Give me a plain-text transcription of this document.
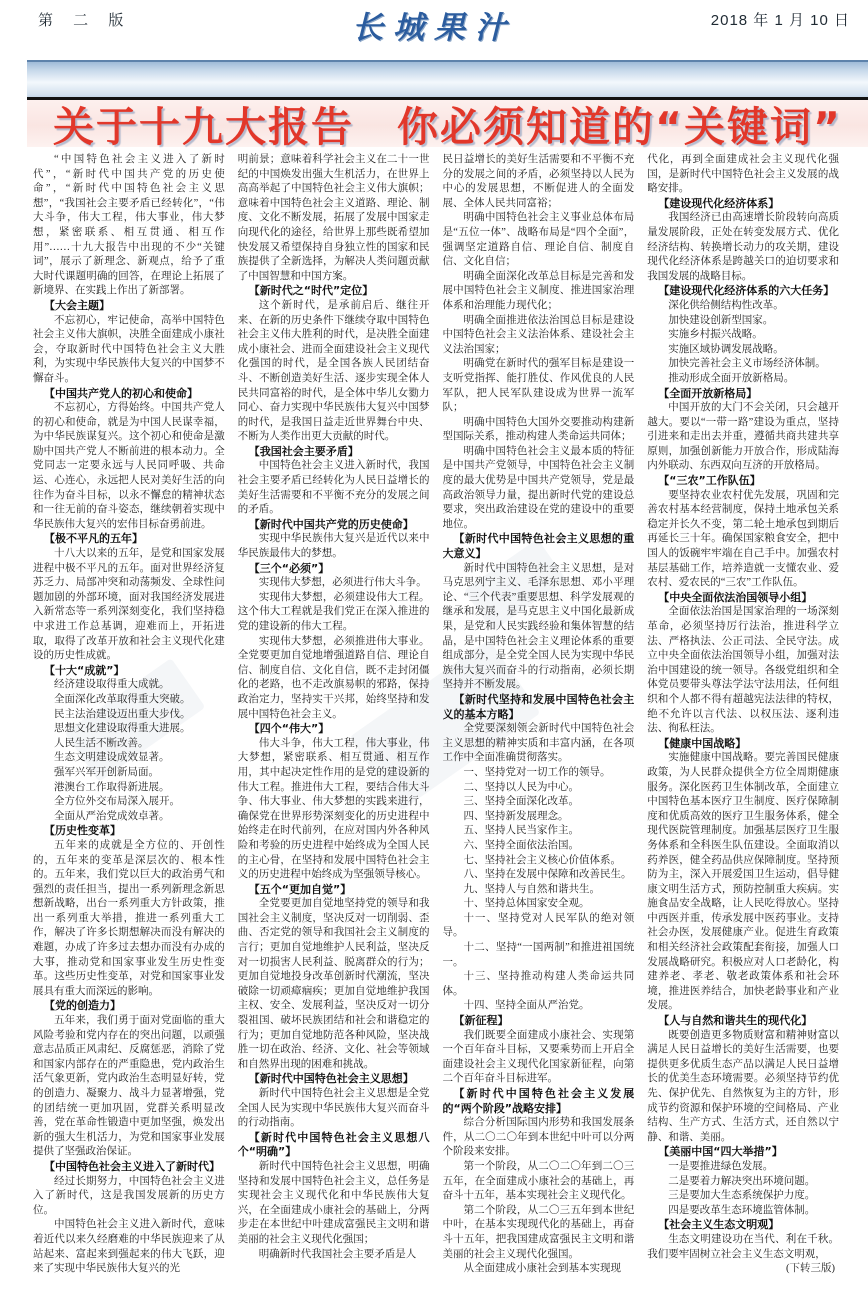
第 二 版	长城果汁	2018 年 1 月 10 日
关于十九大报告　你必须知道的“关键词”

“中国特色社会主义进入了新时代”，“新时代中国共产党的历史使命”，“新时代中国特色社会主义思想”，“我国社会主要矛盾已经转化”，“伟大斗争，伟大工程，伟大事业，伟大梦想，紧密联系、相互贯通、相互作用”……十九大报告中出现的不少“关键词”，展示了新理念、新观点，给予了重大时代课题明确的回答，在理论上拓展了新境界、在实践上作出了新部署。

【大会主题】

不忘初心，牢记使命，高举中国特色社会主义伟大旗帜，决胜全面建成小康社会，夺取新时代中国特色社会主义大胜利，为实现中华民族伟大复兴的中国梦不懈奋斗。

【中国共产党人的初心和使命】

不忘初心，方得始终。中国共产党人的初心和使命，就是为中国人民谋幸福，为中华民族谋复兴。这个初心和使命是激励中国共产党人不断前进的根本动力。全党同志一定要永远与人民同呼吸、共命运、心连心，永远把人民对美好生活的向往作为奋斗目标，以永不懈怠的精神状态和一往无前的奋斗姿态，继续朝着实现中华民族伟大复兴的宏伟目标奋勇前进。

【极不平凡的五年】

十八大以来的五年，是党和国家发展进程中极不平凡的五年。面对世界经济复苏乏力、局部冲突和动荡频发、全球性问题加剧的外部环境，面对我国经济发展进入新常态等一系列深刻变化，我们坚持稳中求进工作总基调，迎难而上，开拓进取，取得了改革开放和社会主义现代化建设的历史性成就。

【十大“成就”】

经济建设取得重大成就。

全面深化改革取得重大突破。

民主法治建设迈出重大步伐。

思想文化建设取得重大进展。

人民生活不断改善。

生态文明建设成效显著。

强军兴军开创新局面。

港澳台工作取得新进展。

全方位外交布局深入展开。

全面从严治党成效卓著。

【历史性变革】

五年来的成就是全方位的、开创性的，五年来的变革是深层次的、根本性的。五年来，我们党以巨大的政治勇气和强烈的责任担当，提出一系列新理念新思想新战略，出台一系列重大方针政策，推出一系列重大举措，推进一系列重大工作，解决了许多长期想解决而没有解决的难题，办成了许多过去想办而没有办成的大事，推动党和国家事业发生历史性变革。这些历史性变革，对党和国家事业发展具有重大而深远的影响。

【党的创造力】

五年来，我们勇于面对党面临的重大风险考验和党内存在的突出问题，以顽强意志品质正风肃纪、反腐惩恶，消除了党和国家内部存在的严重隐患，党内政治生活气象更新，党内政治生态明显好转，党的创造力、凝聚力、战斗力显著增强，党的团结统一更加巩固，党群关系明显改善，党在革命性锻造中更加坚强，焕发出新的强大生机活力，为党和国家事业发展提供了坚强政治保证。

【中国特色社会主义进入了新时代】

经过长期努力，中国特色社会主义进入了新时代，这是我国发展新的历史方位。

中国特色社会主义进入新时代，意味着近代以来久经磨难的中华民族迎来了从站起来、富起来到强起来的伟大飞跃，迎来了实现中华民族伟大复兴的光

明前景；意味着科学社会主义在二十一世纪的中国焕发出强大生机活力，在世界上高高举起了中国特色社会主义伟大旗帜；意味着中国特色社会主义道路、理论、制度、文化不断发展，拓展了发展中国家走向现代化的途径，给世界上那些既希望加快发展又希望保持自身独立性的国家和民族提供了全新选择，为解决人类问题贡献了中国智慧和中国方案。

【新时代之“时代”定位】

这个新时代，是承前启后、继往开来、在新的历史条件下继续夺取中国特色社会主义伟大胜利的时代，是决胜全面建成小康社会、进而全面建设社会主义现代化强国的时代，是全国各族人民团结奋斗、不断创造美好生活、逐步实现全体人民共同富裕的时代，是全体中华儿女勠力同心、奋力实现中华民族伟大复兴中国梦的时代，是我国日益走近世界舞台中央、不断为人类作出更大贡献的时代。

【我国社会主要矛盾】

中国特色社会主义进入新时代，我国社会主要矛盾已经转化为人民日益增长的美好生活需要和不平衡不充分的发展之间的矛盾。

【新时代中国共产党的历史使命】

实现中华民族伟大复兴是近代以来中华民族最伟大的梦想。

【三个“必须”】

实现伟大梦想，必须进行伟大斗争。

实现伟大梦想，必须建设伟大工程。这个伟大工程就是我们党正在深入推进的党的建设新的伟大工程。

实现伟大梦想，必须推进伟大事业。全党要更加自觉地增强道路自信、理论自信、制度自信、文化自信，既不走封闭僵化的老路，也不走改旗易帜的邪路，保持政治定力，坚持实干兴邦，始终坚持和发展中国特色社会主义。

【四个“伟大”】

伟大斗争，伟大工程，伟大事业，伟大梦想，紧密联系、相互贯通、相互作用，其中起决定性作用的是党的建设新的伟大工程。推进伟大工程，要结合伟大斗争、伟大事业、伟大梦想的实践来进行，确保党在世界形势深刻变化的历史进程中始终走在时代前列，在应对国内外各种风险和考验的历史进程中始终成为全国人民的主心骨，在坚持和发展中国特色社会主义的历史进程中始终成为坚强领导核心。

【五个“更加自觉”】

全党要更加自觉地坚持党的领导和我国社会主义制度，坚决反对一切削弱、歪曲、否定党的领导和我国社会主义制度的言行；更加自觉地维护人民利益，坚决反对一切损害人民利益、脱离群众的行为；更加自觉地投身改革创新时代潮流，坚决破除一切顽瘴痼疾；更加自觉地维护我国主权、安全、发展利益，坚决反对一切分裂祖国、破坏民族团结和社会和谐稳定的行为；更加自觉地防范各种风险，坚决战胜一切在政治、经济、文化、社会等领域和自然界出现的困难和挑战。

【新时代中国特色社会主义思想】

新时代中国特色社会主义思想是全党全国人民为实现中华民族伟大复兴而奋斗的行动指南。

【新时代中国特色社会主义思想八个“明确”】

新时代中国特色社会主义思想，明确坚持和发展中国特色社会主义，总任务是实现社会主义现代化和中华民族伟大复兴，在全面建成小康社会的基础上，分两步走在本世纪中叶建成富强民主文明和谐美丽的社会主义现代化强国；

明确新时代我国社会主要矛盾是人

民日益增长的美好生活需要和不平衡不充分的发展之间的矛盾，必须坚持以人民为中心的发展思想，不断促进人的全面发展、全体人民共同富裕；

明确中国特色社会主义事业总体布局是“五位一体”、战略布局是“四个全面”，强调坚定道路自信、理论自信、制度自信、文化自信；

明确全面深化改革总目标是完善和发展中国特色社会主义制度、推进国家治理体系和治理能力现代化；

明确全面推进依法治国总目标是建设中国特色社会主义法治体系、建设社会主义法治国家；

明确党在新时代的强军目标是建设一支听党指挥、能打胜仗、作风优良的人民军队，把人民军队建设成为世界一流军队；

明确中国特色大国外交要推动构建新型国际关系，推动构建人类命运共同体；

明确中国特色社会主义最本质的特征是中国共产党领导，中国特色社会主义制度的最大优势是中国共产党领导，党是最高政治领导力量，提出新时代党的建设总要求，突出政治建设在党的建设中的重要地位。

【新时代中国特色社会主义思想的重大意义】

新时代中国特色社会主义思想，是对马克思列宁主义、毛泽东思想、邓小平理论、“三个代表”重要思想、科学发展观的继承和发展，是马克思主义中国化最新成果，是党和人民实践经验和集体智慧的结晶，是中国特色社会主义理论体系的重要组成部分，是全党全国人民为实现中华民族伟大复兴而奋斗的行动指南，必须长期坚持并不断发展。

【新时代坚持和发展中国特色社会主义的基本方略】

全党要深刻领会新时代中国特色社会主义思想的精神实质和丰富内涵，在各项工作中全面准确贯彻落实。

一、坚持党对一切工作的领导。

二、坚持以人民为中心。

三、坚持全面深化改革。

四、坚持新发展理念。

五、坚持人民当家作主。

六、坚持全面依法治国。

七、坚持社会主义核心价值体系。

八、坚持在发展中保障和改善民生。

九、坚持人与自然和谐共生。

十、坚持总体国家安全观。

十一、坚持党对人民军队的绝对领导。

十二、坚持“一国两制”和推进祖国统一。

十三、坚持推动构建人类命运共同体。

十四、坚持全面从严治党。

【新征程】

我们既要全面建成小康社会、实现第一个百年奋斗目标，又要乘势而上开启全面建设社会主义现代化国家新征程，向第二个百年奋斗目标进军。

【新时代中国特色社会主义发展的“两个阶段”战略安排】

综合分析国际国内形势和我国发展条件，从二〇二〇年到本世纪中叶可以分两个阶段来安排。

第一个阶段，从二〇二〇年到二〇三五年，在全面建成小康社会的基础上，再奋斗十五年，基本实现社会主义现代化。

第二个阶段，从二〇三五年到本世纪中叶，在基本实现现代化的基础上，再奋斗十五年，把我国建成富强民主文明和谐美丽的社会主义现代化强国。

从全面建成小康社会到基本实现现

代化，再到全面建成社会主义现代化强国，是新时代中国特色社会主义发展的战略安排。

【建设现代化经济体系】

我国经济已由高速增长阶段转向高质量发展阶段，正处在转变发展方式、优化经济结构、转换增长动力的攻关期，建设现代化经济体系是跨越关口的迫切要求和我国发展的战略目标。

【建设现代化经济体系的六大任务】

深化供给侧结构性改革。

加快建设创新型国家。

实施乡村振兴战略。

实施区域协调发展战略。

加快完善社会主义市场经济体制。

推动形成全面开放新格局。

【全面开放新格局】

中国开放的大门不会关闭，只会越开越大。要以“一带一路”建设为重点，坚持引进来和走出去并重，遵循共商共建共享原则，加强创新能力开放合作，形成陆海内外联动、东西双向互济的开放格局。

【“三农”工作队伍】

要坚持农业农村优先发展，巩固和完善农村基本经营制度，保持土地承包关系稳定并长久不变，第二轮土地承包到期后再延长三十年。确保国家粮食安全，把中国人的饭碗牢牢端在自己手中。加强农村基层基础工作，培养造就一支懂农业、爱农村、爱农民的“三农”工作队伍。

【中央全面依法治国领导小组】

全面依法治国是国家治理的一场深刻革命，必须坚持厉行法治，推进科学立法、严格执法、公正司法、全民守法。成立中央全面依法治国领导小组，加强对法治中国建设的统一领导。各级党组织和全体党员要带头尊法学法守法用法，任何组织和个人都不得有超越宪法法律的特权，绝不允许以言代法、以权压法、逐利违法、徇私枉法。

【健康中国战略】

实施健康中国战略。要完善国民健康政策，为人民群众提供全方位全周期健康服务。深化医药卫生体制改革，全面建立中国特色基本医疗卫生制度、医疗保障制度和优质高效的医疗卫生服务体系，健全现代医院管理制度。加强基层医疗卫生服务体系和全科医生队伍建设。全面取消以药养医，健全药品供应保障制度。坚持预防为主，深入开展爱国卫生运动，倡导健康文明生活方式，预防控制重大疾病。实施食品安全战略，让人民吃得放心。坚持中西医并重，传承发展中医药事业。支持社会办医，发展健康产业。促进生育政策和相关经济社会政策配套衔接，加强人口发展战略研究。积极应对人口老龄化，构建养老、孝老、敬老政策体系和社会环境，推进医养结合，加快老龄事业和产业发展。

【人与自然和谐共生的现代化】

既要创造更多物质财富和精神财富以满足人民日益增长的美好生活需要，也要提供更多优质生态产品以满足人民日益增长的优美生态环境需要。必须坚持节约优先、保护优先、自然恢复为主的方针，形成节约资源和保护环境的空间格局、产业结构、生产方式、生活方式，还自然以宁静、和谐、美丽。

【美丽中国“四大举措”】

一是要推进绿色发展。

二是要着力解决突出环境问题。

三是要加大生态系统保护力度。

四是要改革生态环境监管体制。

【社会主义生态文明观】

生态文明建设功在当代、利在千秋。我们要牢固树立社会主义生态文明观，

(下转三版)
